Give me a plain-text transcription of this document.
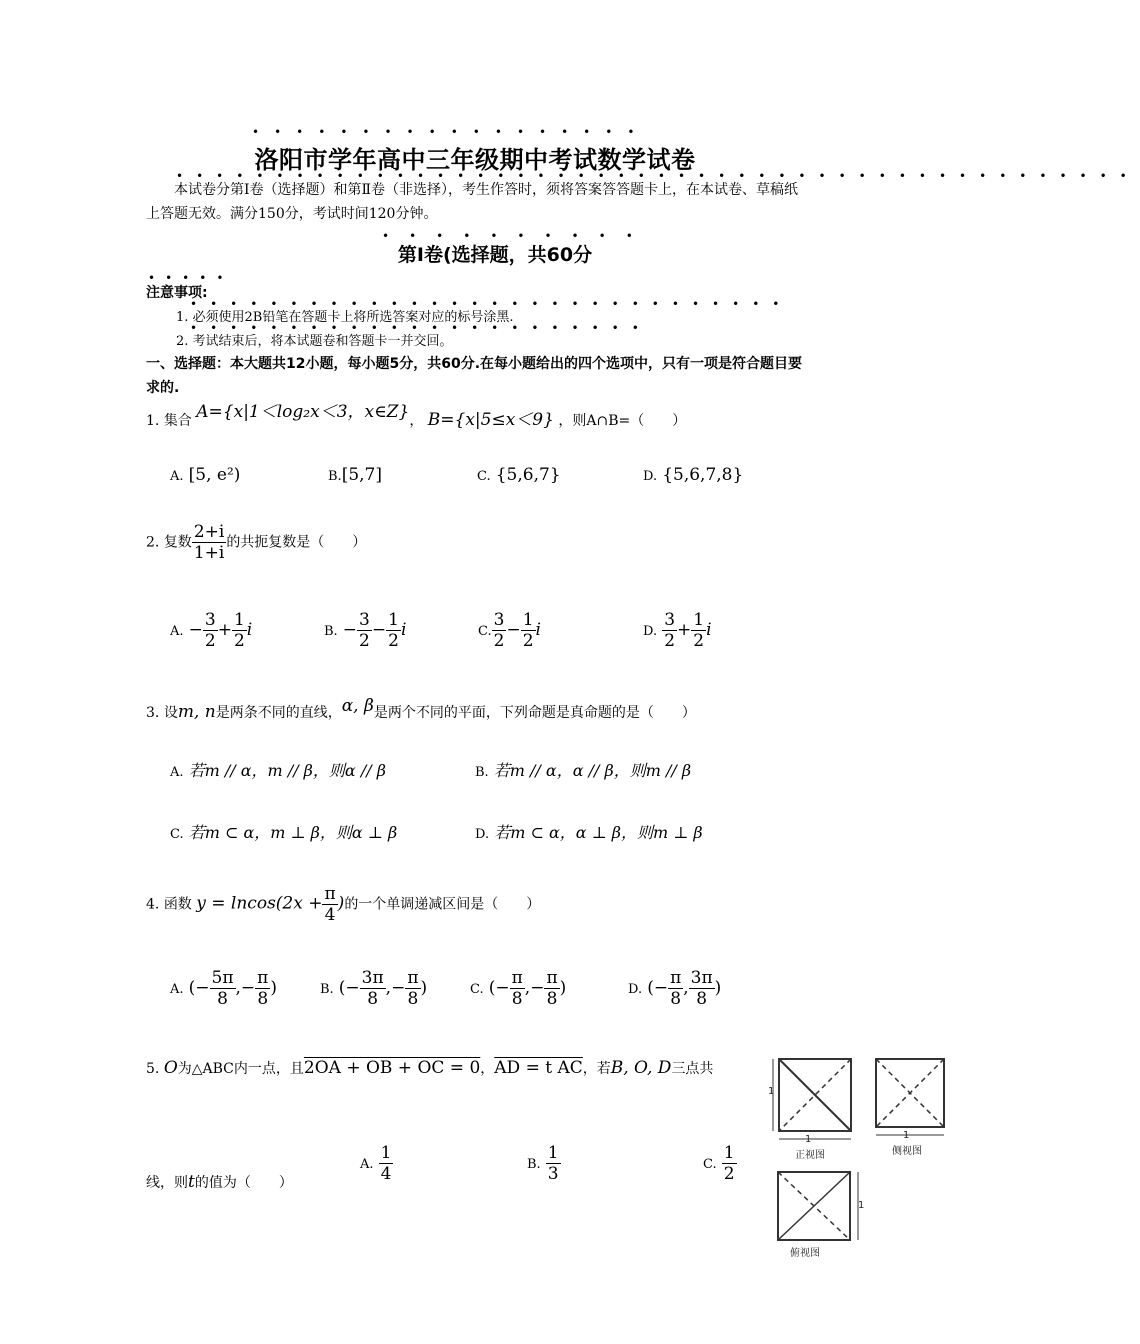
••••••••••••••••••
洛阳市学年高中三年级期中考试数学试卷
••••••••••••••••••••••••••••••••••••••••••••••••
本试卷分第Ⅰ卷（选择题）和第Ⅱ卷（非选择），考生作答时，须将答案答答题卡上，在本试卷、草稿纸上答题无效。满分150分，考试时间120分钟。
••••••••••
第Ⅰ卷(选择题，共60分
•••••
注意事项:
••••••••••••••••••••••••••••••
1. 必须使用2B铅笔在答题卡上将所选答案对应的标号涂黑.
•••••••••••••••••••••••
2. 考试结束后，将本试题卷和答题卡一并交回。
一、选择题：本大题共12小题，每小题5分，共60分.在每小题给出的四个选项中，只有一项是符合题目要求的.
1. 集合 A={x|1＜log₂x＜3，x∈Z}， B={x|5≤x＜9} ，则A∩B=（　　）
A. [5, e²)	B.[5,7]	C. {5,6,7}	D. {5,6,7,8}
2. 复数 $\frac{2+i}{1+i}$ 的共扼复数是（　　）
A. − $\frac{3}{2} + \frac{1}{2}$ i	B. − $\frac{3}{2} - \frac{1}{2}$ i	C. $\frac{3}{2} - \frac{1}{2}$ i	D. $\frac{3}{2} + \frac{1}{2}$ i
3. 设m, n是两条不同的直线，α, β是两个不同的平面，下列命题是真命题的是（　　）
A. 若m // α，m // β，则α // β	B. 若m // α，α // β，则m // β
C. 若m ⊂ α，m ⊥ β，则α ⊥ β	D. 若m ⊂ α，α ⊥ β，则m ⊥ β
4. 函数 $y = lncos(2x + \frac{\pi}{4}$ )的一个单调递减区间是（　　）
A. (− $\frac{5\pi}{8}$ ,− $\frac{\pi}{8}$ )	B. (− $\frac{3\pi}{8}$ ,− $\frac{\pi}{8}$ )	C. (− $\frac{\pi}{8}$ ,− $\frac{\pi}{8}$ )	D. (− $\frac{\pi}{8}$ , $\frac{3\pi}{8}$ )
5. O为△ABC内一点，且2OA + OB + OC = 0，AD = t AC，若B, O, D三点共
线，则t的值为（　　）
A. $\frac{1}{4}$	B. $\frac{1}{3}$	C. $\frac{1}{2}$
1
1
正视图
1
侧视图
1
俯视图
